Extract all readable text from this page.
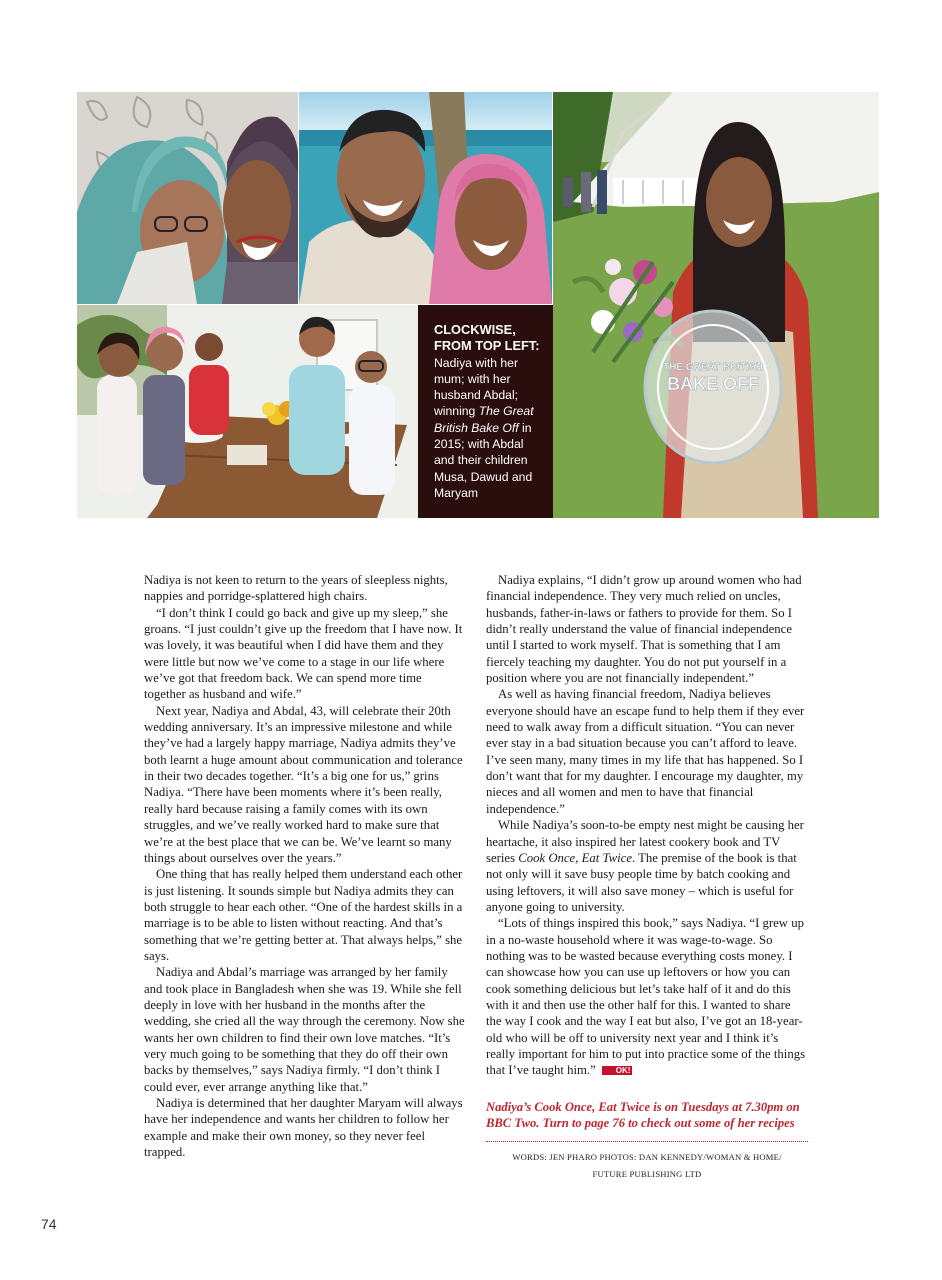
THE GREAT BRITISH
BAKE OFF
CLOCKWISE, FROM TOP LEFT: Nadiya with her mum; with her husband Abdal; winning The Great British Bake Off in 2015; with Abdal and their children Musa, Dawud and Maryam

Nadiya is not keen to return to the years of sleepless nights, nappies and porridge-splattered high chairs.

“I don’t think I could go back and give up my sleep,” she groans. “I just couldn’t give up the freedom that I have now. It was lovely, it was beautiful when I did have them and they were little but now we’ve come to a stage in our life where we’ve got that freedom back. We can spend more time together as husband and wife.”

Next year, Nadiya and Abdal, 43, will celebrate their 20th wedding anniversary. It’s an impressive milestone and while they’ve had a largely happy marriage, Nadiya admits they’ve both learnt a huge amount about communication and tolerance in their two decades together. “It’s a big one for us,” grins Nadiya. “There have been moments where it’s been really, really hard because raising a family comes with its own struggles, and we’ve really worked hard to make sure that we’re at the best place that we can be. We’ve learnt so many things about ourselves over the years.”

One thing that has really helped them understand each other is just listening. It sounds simple but Nadiya admits they can both struggle to hear each other. “One of the hardest skills in a marriage is to be able to listen without reacting. And that’s something that we’re getting better at. That always helps,” she says.

Nadiya and Abdal’s marriage was arranged by her family and took place in Bangladesh when she was 19. While she fell deeply in love with her husband in the months after the wedding, she cried all the way through the ceremony. Now she wants her own children to find their own love matches. “It’s very much going to be something that they do off their own backs by themselves,” says Nadiya firmly. “I don’t think I could ever, ever arrange anything like that.”

Nadiya is determined that her daughter Maryam will always have her independence and wants her children to follow her example and make their own money, so they never feel trapped.

Nadiya explains, “I didn’t grow up around women who had financial independence. They very much relied on uncles, husbands, father-in-laws or fathers to provide for them. So I didn’t really understand the value of financial independence until I started to work myself. That is something that I am fiercely teaching my daughter. You do not put yourself in a position where you are not financially independent.”

As well as having financial freedom, Nadiya believes everyone should have an escape fund to help them if they ever need to walk away from a difficult situation. “You can never ever stay in a bad situation because you can’t afford to leave. I’ve seen many, many times in my life that has happened. So I don’t want that for my daughter. I encourage my daughter, my nieces and all women and men to have that financial independence.”

While Nadiya’s soon-to-be empty nest might be causing her heartache, it also inspired her latest cookery book and TV series Cook Once, Eat Twice. The premise of the book is that not only will it save busy people time by batch cooking and using leftovers, it will also save money – which is useful for anyone going to university.

“Lots of things inspired this book,” says Nadiya. “I grew up in a no-waste household where it was wage-to-wage. So nothing was to be wasted because everything costs money. I can showcase how you can use up leftovers or how you can cook something delicious but let’s take half of it and do this with it and then use the other half for this. I wanted to share the way I cook and the way I eat but also, I’ve got an 18-year-old who will be off to university next year and I think it’s really important for him to put into practice some of the things that I’ve taught him.”	OK!

Nadiya’s Cook Once, Eat Twice is on Tuesdays at 7.30pm on BBC Two. Turn to page 76 to check out some of her recipes
WORDS: JEN PHARO PHOTOS: DAN KENNEDY/WOMAN & HOME/
FUTURE PUBLISHING LTD
74
